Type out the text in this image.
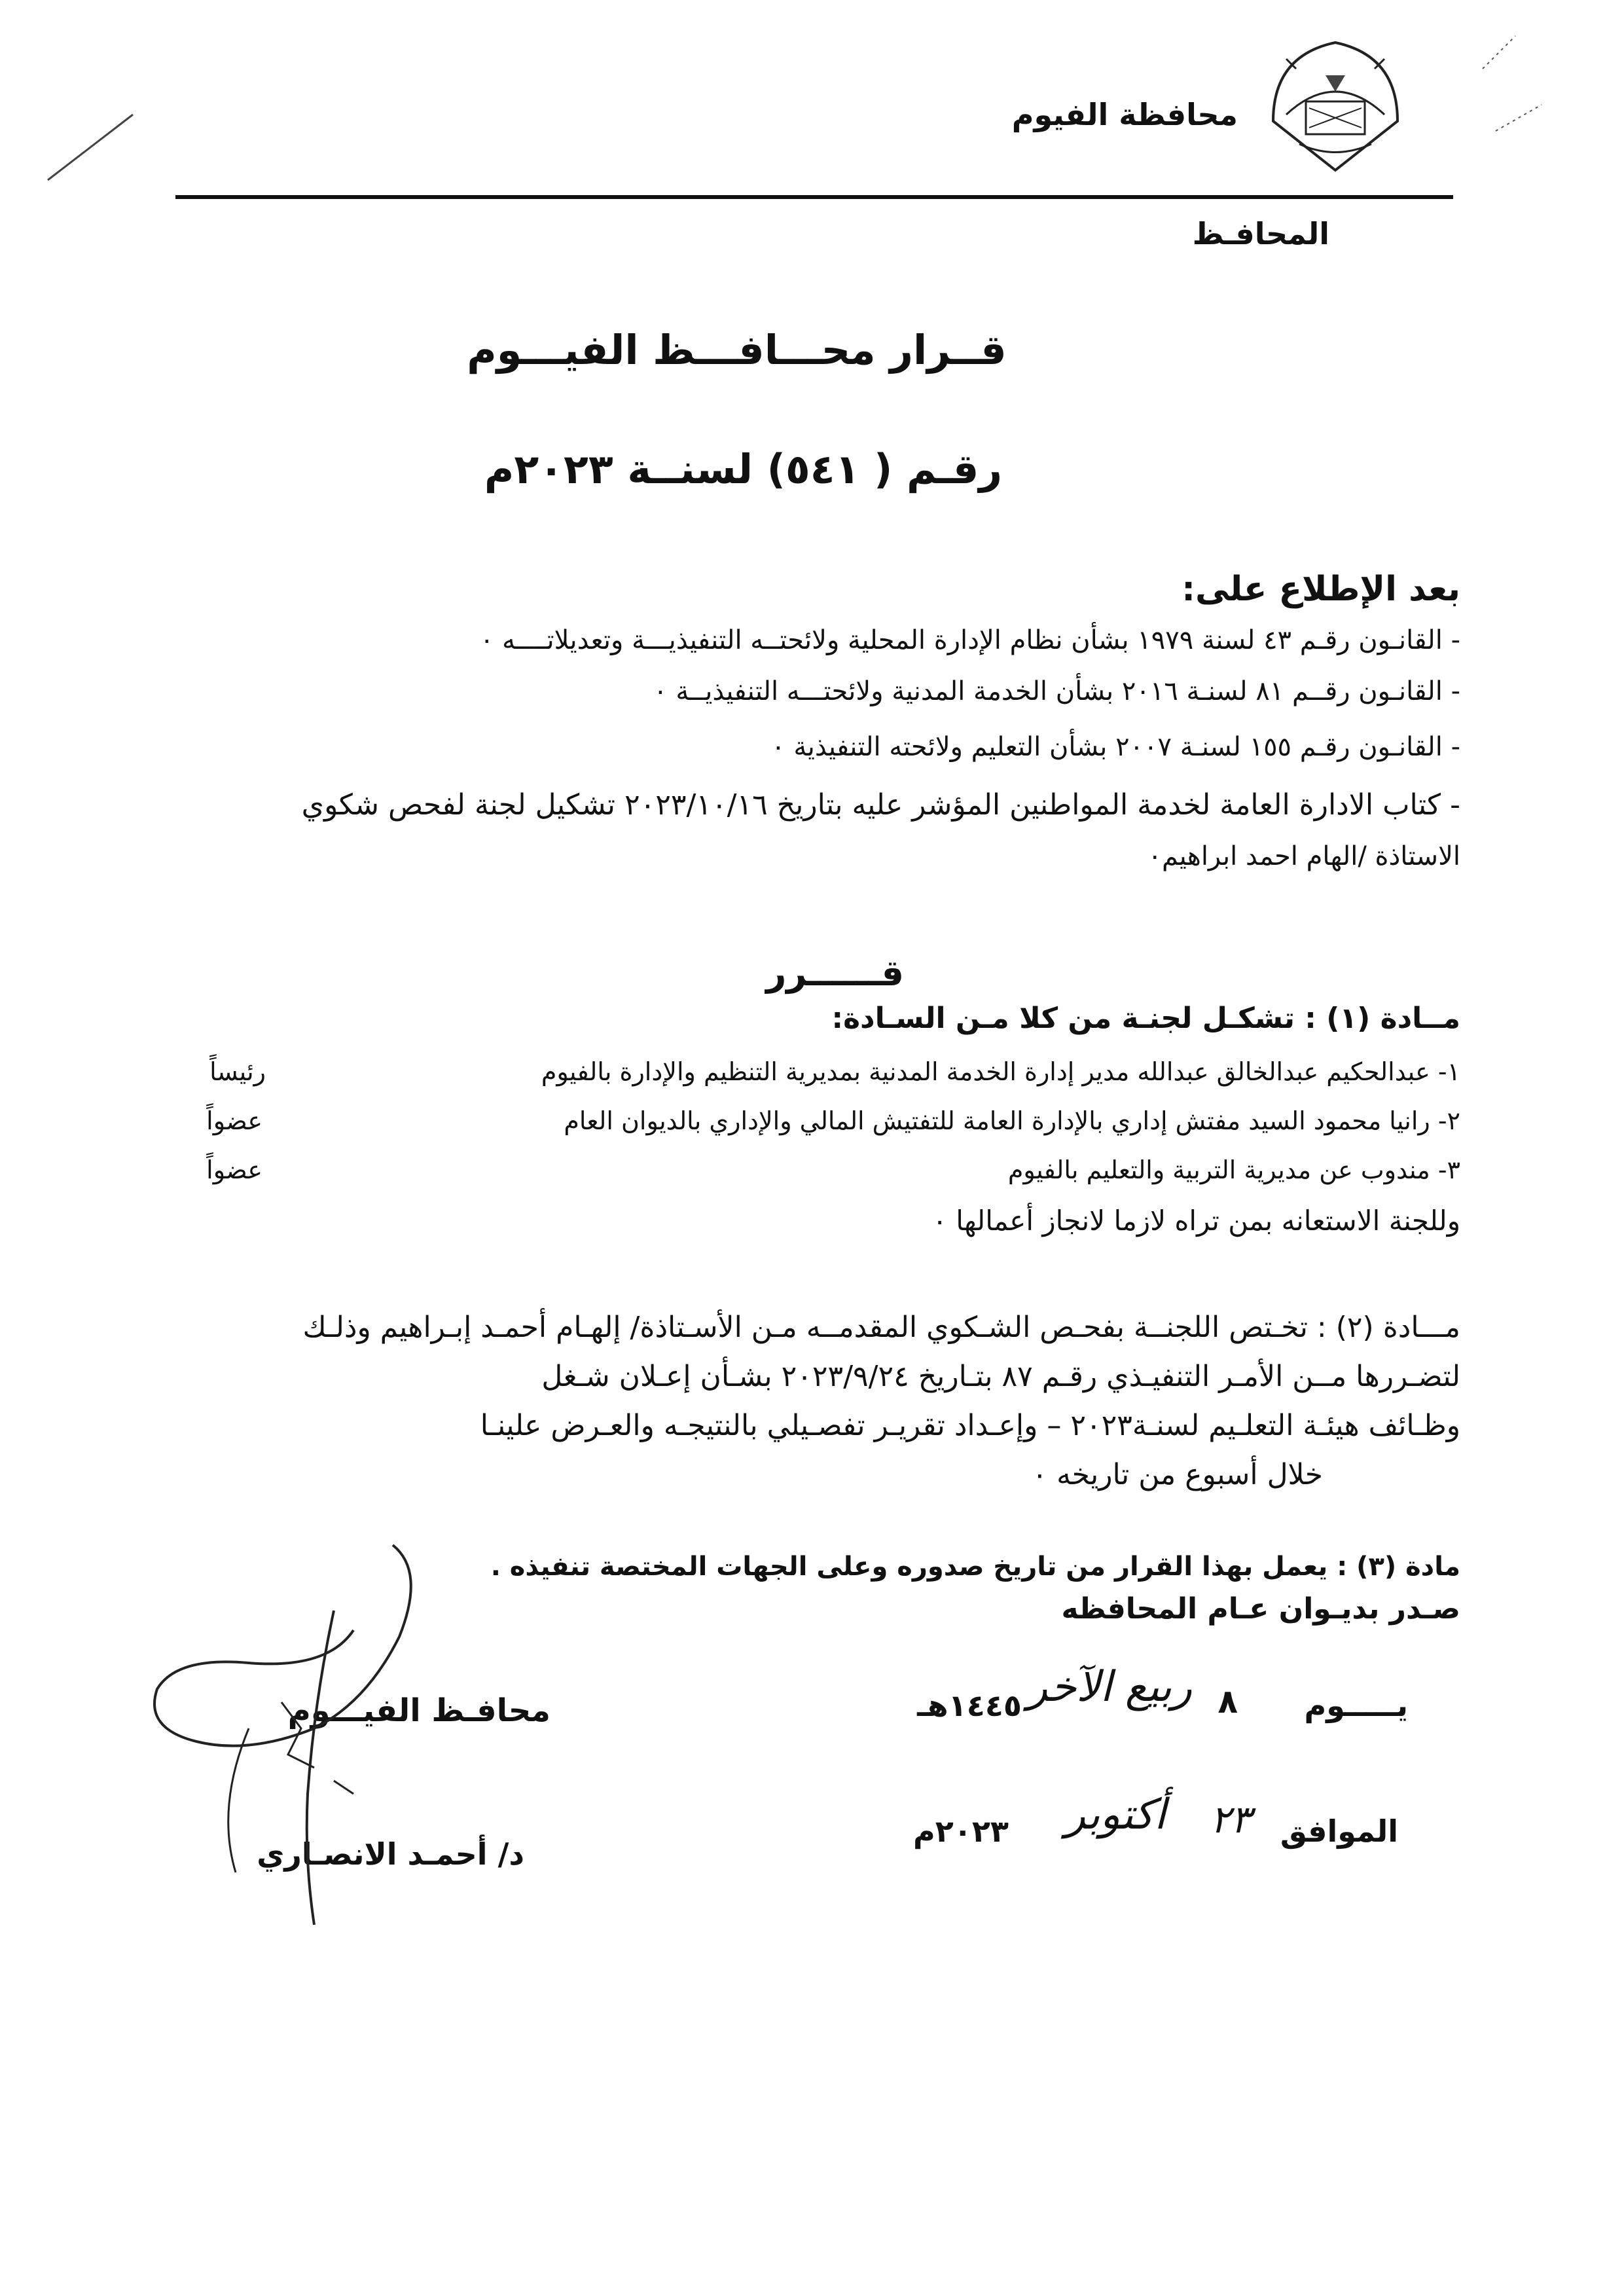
محافظة الفيوم
المحافـظ
قــرار محـــافـــظ الفيـــوم
رقـم ( ٥٤١) لسنــة ٢٠٢٣م
بعد الإطلاع على:
- القانـون رقـم ٤٣ لسنة ١٩٧٩ بشأن نظام الإدارة المحلية ولائحتــه التنفيذيـــة وتعديلاتــــه ٠
- القانـون رقــم ٨١ لسنـة ٢٠١٦ بشأن الخدمة المدنية ولائحتـــه التنفيذيــة ٠
- القانـون رقـم ١٥٥ لسنـة ٢٠٠٧ بشأن التعليم ولائحته التنفيذية ٠
- كتاب الادارة العامة لخدمة المواطنين المؤشر عليه بتاريخ ٢٠٢٣/١٠/١٦ تشكيل لجنة لفحص شكوي
الاستاذة /الهام احمد ابراهيم٠
قــــــرر
مــادة (١) : تشكـل لجنـة من كلا مـن السـادة:
١- عبدالحكيم عبدالخالق عبدالله مدير إدارة الخدمة المدنية بمديرية التنظيم والإدارة بالفيوم
رئيساً
٢- رانيا محمود السيد مفتش إداري بالإدارة العامة للتفتيش المالي والإداري بالديوان العام
عضواً
٣- مندوب عن مديرية التربية والتعليم بالفيوم
عضواً
وللجنة الاستعانه بمن تراه لازما لانجاز أعمالها ٠
مـــادة (٢) : تخـتص اللجنــة بفحـص الشـكوي المقدمــه مـن الأسـتاذة/ إلهـام أحمـد إبـراهيم وذلـك
لتضـررها مــن الأمـر التنفيـذي رقـم ٨٧ بتـاريخ ٢٠٢٣/٩/٢٤ بشـأن إعـلان شـغل
وظـائف هيئـة التعلـيم لسنـة٢٠٢٣ – وإعـداد تقريـر تفصـيلي بالنتيجـه والعـرض علينـا
خلال أسبوع من تاريخه ٠
مادة (٣) : يعمل بهذا القرار من تاريخ صدوره وعلى الجهات المختصة تنفيذه .
صـدر بديـوان عـام المحافظه
يـــــوم
٨
ربيع الآخر
١٤٤٥هـ
الموافق
٢٣
أكتوبر
٢٠٢٣م
محافـظ الفيـــوم
د/ أحمـد الانصـاري
